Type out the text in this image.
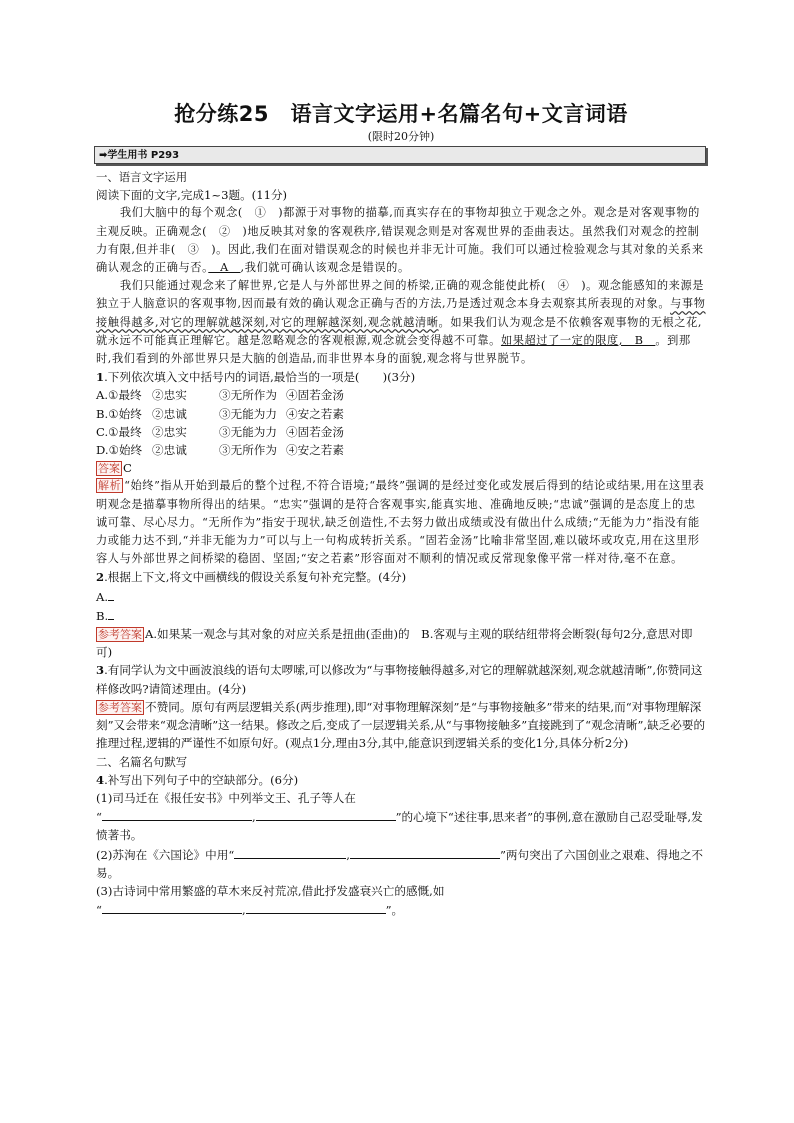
抢分练25　语言文字运用+名篇名句+文言词语
(限时20分钟)
➡学生用书 P293

一、语言文字运用

阅读下面的文字,完成1~3题。(11分)

我们大脑中的每个观念(　①　)都源于对事物的描摹,而真实存在的事物却独立于观念之外。观念是对客观事物的主观反映。正确观念(　②　)地反映其对象的客观秩序,错误观念则是对客观世界的歪曲表达。虽然我们对观念的控制力有限,但并非(　③　)。因此,我们在面对错误观念的时候也并非无计可施。我们可以通过检验观念与其对象的关系来确认观念的正确与否。　A　,我们就可确认该观念是错误的。

我们只能通过观念来了解世界,它是人与外部世界之间的桥梁,正确的观念能使此桥(　④　)。观念能感知的来源是独立于人脑意识的客观事物,因而最有效的确认观念正确与否的方法,乃是透过观念本身去观察其所表现的对象。与事物接触得越多,对它的理解就越深刻,对它的理解越深刻,观念就越清晰。如果我们认为观念是不依赖客观事物的无根之花,就永远不可能真正理解它。越是忽略观念的客观根源,观念就会变得越不可靠。如果超过了一定的限度,　B　。到那时,我们看到的外部世界只是大脑的创造品,而非世界本身的面貌,观念将与世界脱节。

1.下列依次填入文中括号内的词语,最恰当的一项是(　　)(3分)

A.①最终 ②忠实	③无所作为 ④固若金汤

B.①始终 ②忠诚	③无能为力 ④安之若素

C.①最终 ②忠实	③无能为力 ④固若金汤

D.①始终 ②忠诚	③无所作为 ④安之若素

答案 C

解析 “始终”指从开始到最后的整个过程,不符合语境;“最终”强调的是经过变化或发展后得到的结论或结果,用在这里表明观念是描摹事物所得出的结果。“忠实”强调的是符合客观事实,能真实地、准确地反映;“忠诚”强调的是态度上的忠诚可靠、尽心尽力。“无所作为”指安于现状,缺乏创造性,不去努力做出成绩或没有做出什么成绩;“无能为力”指没有能力或能力达不到,“并非无能为力”可以与上一句构成转折关系。“固若金汤”比喻非常坚固,难以破坏或攻克,用在这里形容人与外部世界之间桥梁的稳固、坚固;“安之若素”形容面对不顺利的情况或反常现象像平常一样对待,毫不在意。

2.根据上下文,将文中画横线的假设关系复句补充完整。(4分)

A.

B.

参考答案 A.如果某一观念与其对象的对应关系是扭曲(歪曲)的　B.客观与主观的联结纽带将会断裂(每句2分,意思对即可)

3.有同学认为文中画波浪线的语句太啰嗦,可以修改为“与事物接触得越多,对它的理解就越深刻,观念就越清晰”,你赞同这样修改吗?请简述理由。(4分)

参考答案 不赞同。原句有两层逻辑关系(两步推理),即“对事物理解深刻”是“与事物接触多”带来的结果,而“对事物理解深刻”又会带来“观念清晰”这一结果。修改之后,变成了一层逻辑关系,从“与事物接触多”直接跳到了“观念清晰”,缺乏必要的推理过程,逻辑的严谨性不如原句好。(观点1分,理由3分,其中,能意识到逻辑关系的变化1分,具体分析2分)

二、名篇名句默写

4.补写出下列句子中的空缺部分。(6分)

(1)司马迁在《报任安书》中列举文王、孔子等人在
“	,	”的心境下“述往事,思来者”的事例,意在激励自己忍受耻辱,发愤著书。

(2)苏洵在《六国论》中用“	,	”两句突出了六国创业之艰难、得地之不易。

(3)古诗词中常用繁盛的草木来反衬荒凉,借此抒发盛衰兴亡的感慨,如
“	,	”。
